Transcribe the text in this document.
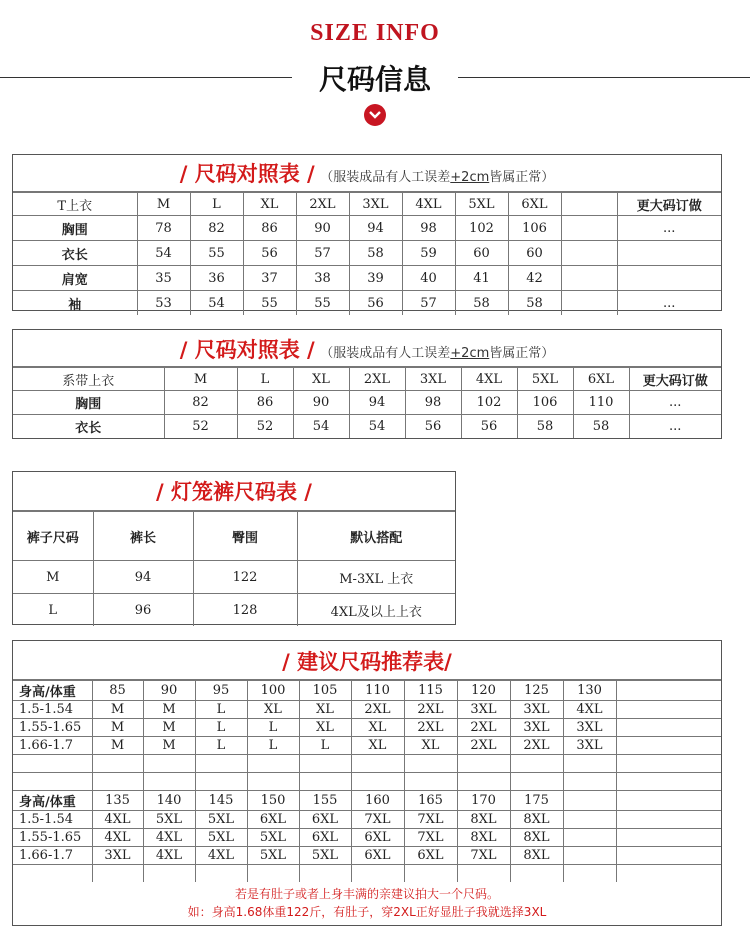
SIZE INFO
尺码信息
/ 尺码对照表 / （服装成品有人工误差+2cm皆属正常）
T上衣	M	L	XL	2XL	3XL	4XL	5XL	6XL		更大码订做
胸围	78	82	86	90	94	98	102	106		...
衣长	54	55	56	57	58	59	60	60		
肩宽	35	36	37	38	39	40	41	42		
袖	53	54	55	55	56	57	58	58		...
/ 尺码对照表 / （服装成品有人工误差+2cm皆属正常）
系带上衣	M	L	XL	2XL	3XL	4XL	5XL	6XL	更大码订做
胸围	82	86	90	94	98	102	106	110	...
衣长	52	52	54	54	56	56	58	58	...
/ 灯笼裤尺码表 /
裤子尺码	裤长	臀围	默认搭配
M	94	122	M-3XL 上衣
L	96	128	4XL及以上上衣
/ 建议尺码推荐表/
身高/体重	85	90	95	100	105	110	115	120	125	130	
1.5-1.54	M	M	L	XL	XL	2XL	2XL	3XL	3XL	4XL	
1.55-1.65	M	M	L	L	XL	XL	2XL	2XL	3XL	3XL	
1.66-1.7	M	M	L	L	L	XL	XL	2XL	2XL	3XL	

身高/体重	135	140	145	150	155	160	165	170	175		
1.5-1.54	4XL	5XL	5XL	6XL	6XL	7XL	7XL	8XL	8XL		
1.55-1.65	4XL	4XL	5XL	5XL	6XL	6XL	7XL	8XL	8XL		
1.66-1.7	3XL	4XL	4XL	5XL	5XL	6XL	6XL	7XL	8XL		

若是有肚子或者上身丰满的亲建议拍大一个尺码。
如：身高1.68体重122斤，有肚子，穿2XL正好显肚子我就选择3XL
